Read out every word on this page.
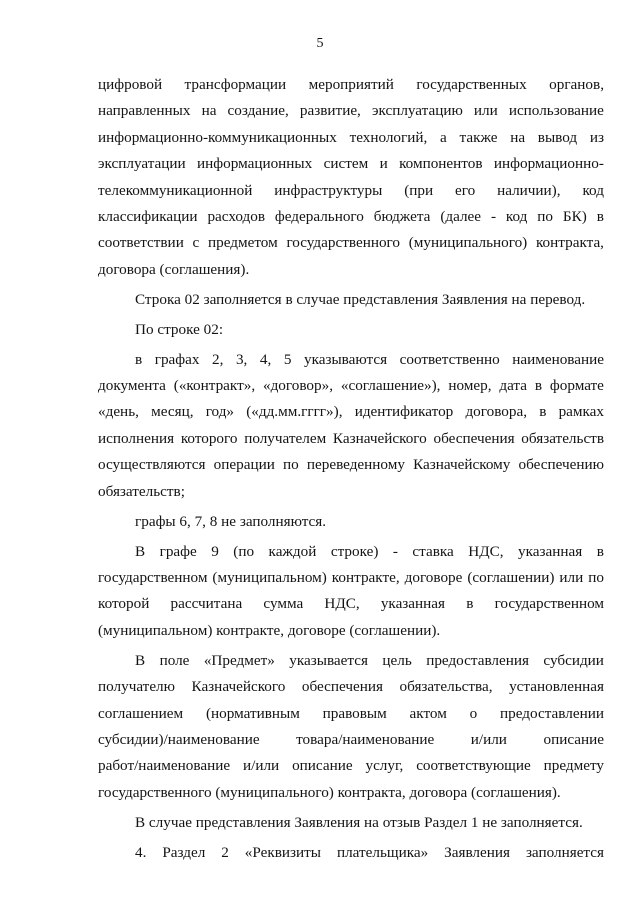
5
цифровой трансформации мероприятий государственных органов,
направленных на создание, развитие, эксплуатацию или использование
информационно-коммуникационных технологий, а также на вывод из
эксплуатации информационных систем и компонентов информационно-
телекоммуникационной инфраструктуры (при его наличии), код
классификации расходов федерального бюджета (далее - код по БК) в
соответствии с предметом государственного (муниципального) контракта,
договора (соглашения).
Строка 02 заполняется в случае представления Заявления на перевод.
По строке 02:
в графах 2, 3, 4, 5 указываются соответственно наименование
документа («контракт», «договор», «соглашение»), номер, дата в формате
«день, месяц, год» («дд.мм.гггг»), идентификатор договора, в рамках
исполнения которого получателем Казначейского обеспечения обязательств
осуществляются операции по переведенному Казначейскому обеспечению
обязательств;
графы 6, 7, 8 не заполняются.
В графе 9 (по каждой строке) - ставка НДС, указанная в
государственном (муниципальном) контракте, договоре (соглашении) или по
которой рассчитана сумма НДС, указанная в государственном
(муниципальном) контракте, договоре (соглашении).
В поле «Предмет» указывается цель предоставления субсидии
получателю Казначейского обеспечения обязательства, установленная
соглашением (нормативным правовым актом о предоставлении
субсидии)/наименование товара/наименование и/или описание
работ/наименование и/или описание услуг, соответствующие предмету
государственного (муниципального) контракта, договора (соглашения).
В случае представления Заявления на отзыв Раздел 1 не заполняется.
4. Раздел 2 «Реквизиты плательщика» Заявления заполняется
